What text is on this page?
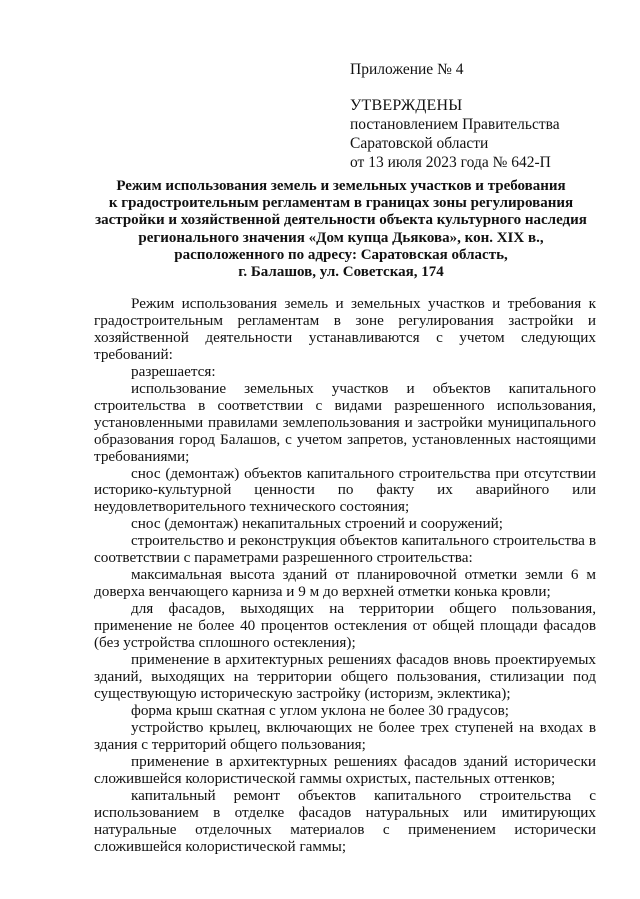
Приложение № 4
УТВЕРЖДЕНЫ
постановлением Правительства
Саратовской области
от 13 июля 2023 года № 642-П
Режим использования земель и земельных участков и требования
к градостроительным регламентам в границах зоны регулирования
застройки и хозяйственной деятельности объекта культурного наследия
регионального значения «Дом купца Дьякова», кон. XIX в.,
расположенного по адресу: Саратовская область,
г. Балашов, ул. Советская, 174

Режим использования земель и земельных участков и требования к градостроительным регламентам в зоне регулирования застройки и хозяйственной деятельности устанавливаются с учетом следующих требований:

разрешается:

использование земельных участков и объектов капитального строительства в соответствии с видами разрешенного использования, установленными правилами землепользования и застройки муниципального образования город Балашов, с учетом запретов, установленных настоящими требованиями;

снос (демонтаж) объектов капитального строительства при отсутствии историко-культурной ценности по факту их аварийного или неудовлетворительного технического состояния;

снос (демонтаж) некапитальных строений и сооружений;

строительство и реконструкция объектов капитального строительства в соответствии с параметрами разрешенного строительства:

максимальная высота зданий от планировочной отметки земли 6 м доверха венчающего карниза и 9 м до верхней отметки конька кровли;

для фасадов, выходящих на территории общего пользования, применение не более 40 процентов остекления от общей площади фасадов (без устройства сплошного остекления);

применение в архитектурных решениях фасадов вновь проектируемых зданий, выходящих на территории общего пользования, стилизации под существующую историческую застройку (историзм, эклектика);

форма крыш скатная с углом уклона не более 30 градусов;

устройство крылец, включающих не более трех ступеней на входах в здания с территорий общего пользования;

применение в архитектурных решениях фасадов зданий исторически сложившейся колористической гаммы охристых, пастельных оттенков;

капитальный ремонт объектов капитального строительства с использованием в отделке фасадов натуральных или имитирующих натуральные отделочных материалов с применением исторически сложившейся колористической гаммы;
